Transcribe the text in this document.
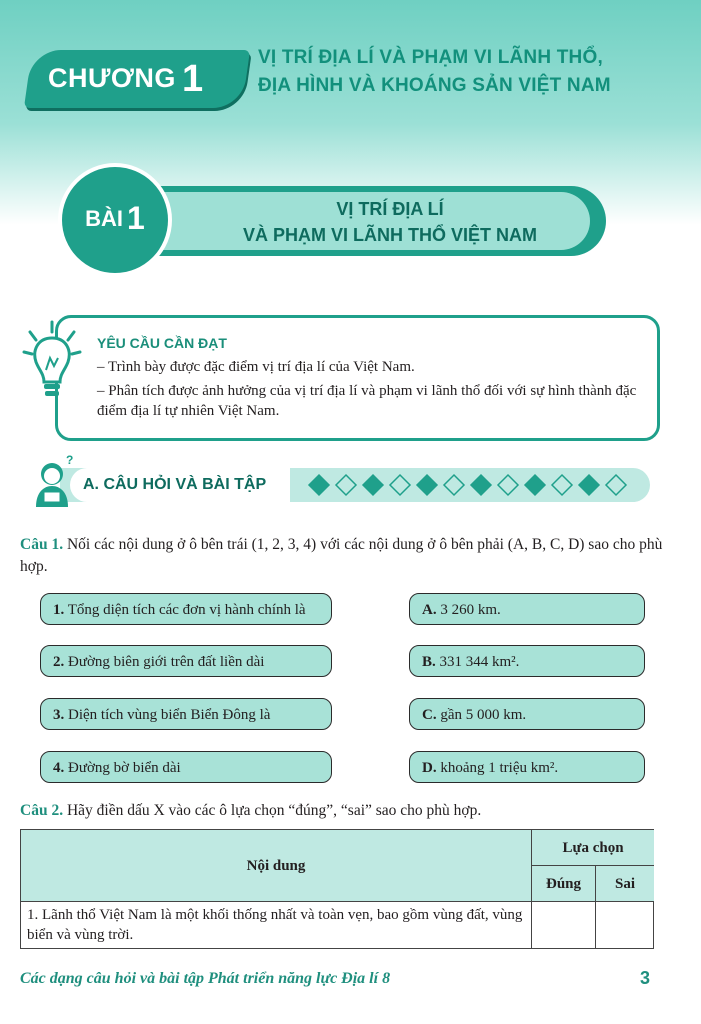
CHƯƠNG 1
VỊ TRÍ ĐỊA LÍ VÀ PHẠM VI LÃNH THỔ,
ĐỊA HÌNH VÀ KHOÁNG SẢN VIỆT NAM
BÀI 1	VỊ TRÍ ĐỊA LÍ
VÀ PHẠM VI LÃNH THỔ VIỆT NAM
YÊU CẦU CẦN ĐẠT
– Trình bày được đặc điểm vị trí địa lí của Việt Nam.
– Phân tích được ảnh hưởng của vị trí địa lí và phạm vi lãnh thổ đối với sự hình thành đặc điểm địa lí tự nhiên Việt Nam.
?
A. CÂU HỎI VÀ BÀI TẬP
Câu 1. Nối các nội dung ở ô bên trái (1, 2, 3, 4) với các nội dung ở ô bên phải (A, B, C, D) sao cho phù hợp.
1. Tổng diện tích các đơn vị hành chính là
2. Đường biên giới trên đất liền dài
3. Diện tích vùng biển Biển Đông là
4. Đường bờ biển dài
A. 3 260 km.
B. 331 344 km².
C. gần 5 000 km.
D. khoảng 1 triệu km².
Câu 2. Hãy điền dấu X vào các ô lựa chọn “đúng”, “sai” sao cho phù hợp.
Nội dung
Lựa chọn
Đúng	Sai
1. Lãnh thổ Việt Nam là một khối thống nhất và toàn vẹn, bao gồm vùng đất, vùng biển và vùng trời.
Các dạng câu hỏi và bài tập Phát triển năng lực Địa lí 8	3
